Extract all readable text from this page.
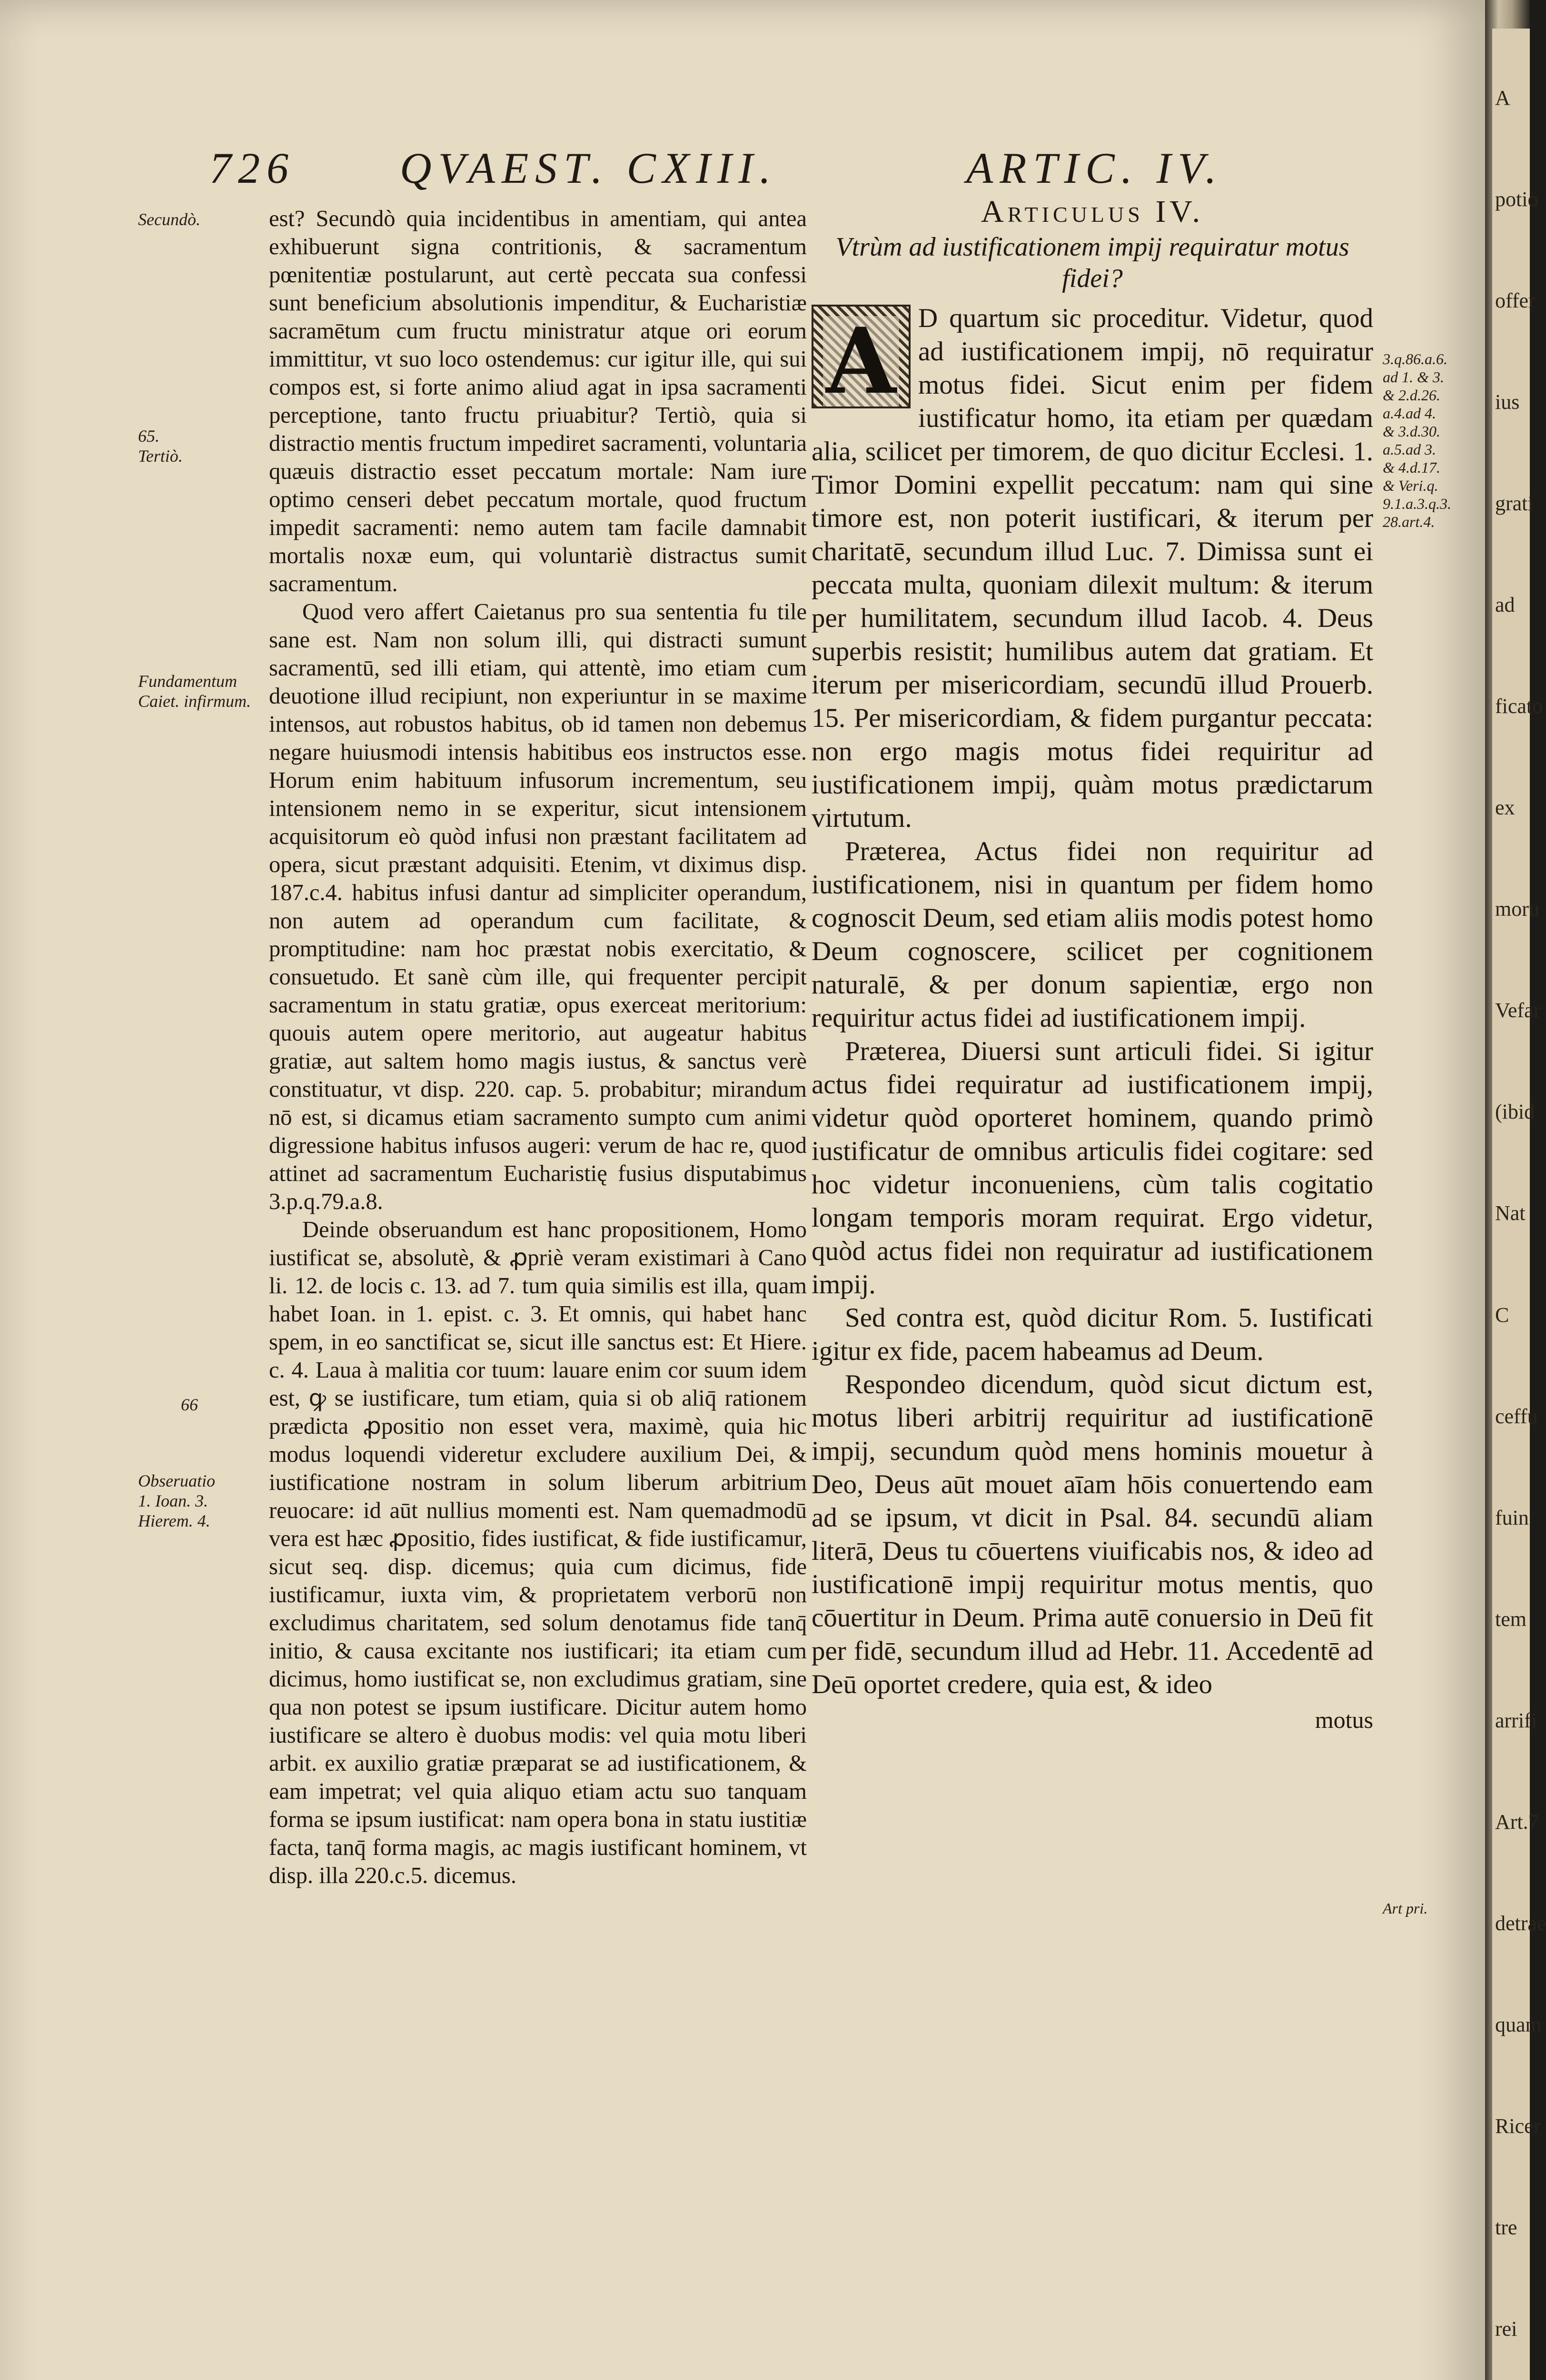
726 QVAEST. CXIII.	ARTIC. IV.

est? Secundò quia incidentibus in amentiam, qui antea exhibuerunt signa contritionis, & sacramentum pœnitentiæ postularunt, aut certè peccata sua confessi sunt beneficium absolutionis impenditur, & Eucharistiæ sacramētum cum fructu ministratur atque ori eorum immittitur, vt suo loco ostendemus: cur igitur ille, qui sui compos est, si forte animo aliud agat in ipsa sacramenti perceptione, tanto fructu priuabitur? Tertiò, quia si distractio mentis fructum impediret sacramenti, voluntaria quæuis distractio esset peccatum mortale: Nam iure optimo censeri debet peccatum mortale, quod fructum impedit sacramenti: nemo autem tam facile damnabit mortalis noxæ eum, qui voluntariè distractus sumit sacramentum.

Quod vero affert Caietanus pro sua sententia fu tile sane est. Nam non solum illi, qui distracti sumunt sacramentū, sed illi etiam, qui attentè, imo etiam cum deuotione illud recipiunt, non experiuntur in se maxime intensos, aut robustos habitus, ob id tamen non debemus negare huiusmodi intensis habitibus eos instructos esse. Horum enim habituum infusorum incrementum, seu intensionem nemo in se experitur, sicut intensionem acquisitorum eò quòd infusi non præstant facilitatem ad opera, sicut præstant adquisiti. Etenim, vt diximus disp. 187.c.4. habitus infusi dantur ad simpliciter operandum, non autem ad operandum cum facilitate, & promptitudine: nam hoc præstat nobis exercitatio, & consuetudo. Et sanè cùm ille, qui frequenter percipit sacramentum in statu gratiæ, opus exerceat meritorium: quouis autem opere meritorio, aut augeatur habitus gratiæ, aut saltem homo magis iustus, & sanctus verè constituatur, vt disp. 220. cap. 5. probabitur; mirandum nō est, si dicamus etiam sacramento sumpto cum animi digressione habitus infusos augeri: verum de hac re, quod attinet ad sacramentum Eucharistię fusius disputabimus 3.p.q.79.a.8.

Deinde obseruandum est hanc propositionem, Homo iustificat se, absolutè, & ꝓpriè veram existimari à Cano li. 12. de locis c. 13. ad 7. tum quia similis est illa, quam habet Ioan. in 1. epist. c. 3. Et omnis, qui habet hanc spem, in eo sanctificat se, sicut ille sanctus est: Et Hiere. c. 4. Laua à malitia cor tuum: lauare enim cor suum idem est, ꝙ se iustificare, tum etiam, quia si ob aliq̄ rationem prædicta ꝓpositio non esset vera, maximè, quia hic modus loquendi videretur excludere auxilium Dei, & iustificatione nostram in solum liberum arbitrium reuocare: id aūt nullius momenti est. Nam quemadmodū vera est hæc ꝓpositio, fides iustificat, & fide iustificamur, sicut seq. disp. dicemus; quia cum dicimus, fide iustificamur, iuxta vim, & proprietatem verborū non excludimus charitatem, sed solum denotamus fide tanq̄ initio, & causa excitante nos iustificari; ita etiam cum dicimus, homo iustificat se, non excludimus gratiam, sine qua non potest se ipsum iustificare. Dicitur autem homo iustificare se altero è duobus modis: vel quia motu liberi arbit. ex auxilio gratiæ præparat se ad iustificationem, & eam impetrat; vel quia aliquo etiam actu suo tanquam forma se ipsum iustificat: nam opera bona in statu iustitiæ facta, tanq̄ forma magis, ac magis iustificant hominem, vt disp. illa 220.c.5. dicemus.

Articulus IV.
Vtrùm ad iustificationem impij requiratur motus fidei?

A D quartum sic proceditur. Videtur, quod ad iustificationem impij, nō requiratur motus fidei. Sicut enim per fidem iustificatur homo, ita etiam per quædam alia, scilicet per timorem, de quo dicitur Ecclesi. 1. Timor Domini expellit peccatum: nam qui sine timore est, non poterit iustificari, & iterum per charitatē, secundum illud Luc. 7. Dimissa sunt ei peccata multa, quoniam dilexit multum: & iterum per humilitatem, secundum illud Iacob. 4. Deus superbis resistit; humilibus autem dat gratiam. Et iterum per misericordiam, secundū illud Prouerb. 15. Per misericordiam, & fidem purgantur peccata: non ergo magis motus fidei requiritur ad iustificationem impij, quàm motus prædictarum virtutum.

Præterea, Actus fidei non requiritur ad iustificationem, nisi in quantum per fidem homo cognoscit Deum, sed etiam aliis modis potest homo Deum cognoscere, scilicet per cognitionem naturalē, & per donum sapientiæ, ergo non requiritur actus fidei ad iustificationem impij.

Præterea, Diuersi sunt articuli fidei. Si igitur actus fidei requiratur ad iustificationem impij, videtur quòd oporteret hominem, quando primò iustificatur de omnibus articulis fidei cogitare: sed hoc videtur inconueniens, cùm talis cogitatio longam temporis moram requirat. Ergo videtur, quòd actus fidei non requiratur ad iustificationem impij.

Sed contra est, quòd dicitur Rom. 5. Iustificati igitur ex fide, pacem habeamus ad Deum.

Respondeo dicendum, quòd sicut dictum est, motus liberi arbitrij requiritur ad iustificationē impij, secundum quòd mens hominis mouetur à Deo, Deus aūt mouet aīam hōis conuertendo eam ad se ipsum, vt dicit in Psal. 84. secundū aliam literā, Deus tu cōuertens viuificabis nos, & ideo ad iustificationē impij requiritur motus mentis, quo cōuertitur in Deum. Prima autē conuersio in Deū fit per fidē, secundum illud ad Hebr. 11. Accedentē ad Deū oportet credere, quia est, & ideo

motus
Secundò.
65.
Tertiò.
Fundamentum Caiet. infirmum.
66
Obseruatio
1. Ioan. 3.
Hierem. 4.
3.q.86.a.6.
ad 1. & 3.
& 2.d.26.
a.4.ad 4.
& 3.d.30.
a.5.ad 3.
& 4.d.17.
& Veri.q.
9.1.a.3.q.3.
28.art.4.
Art pri.
A
potio
offer
ius
grati
ad
ficato
ex
moru
Vefar
(ibid
Nat
C
ceffu
fuin
tem
arrifi
Art.7
detrae
quam
Ricer
tre
rei
